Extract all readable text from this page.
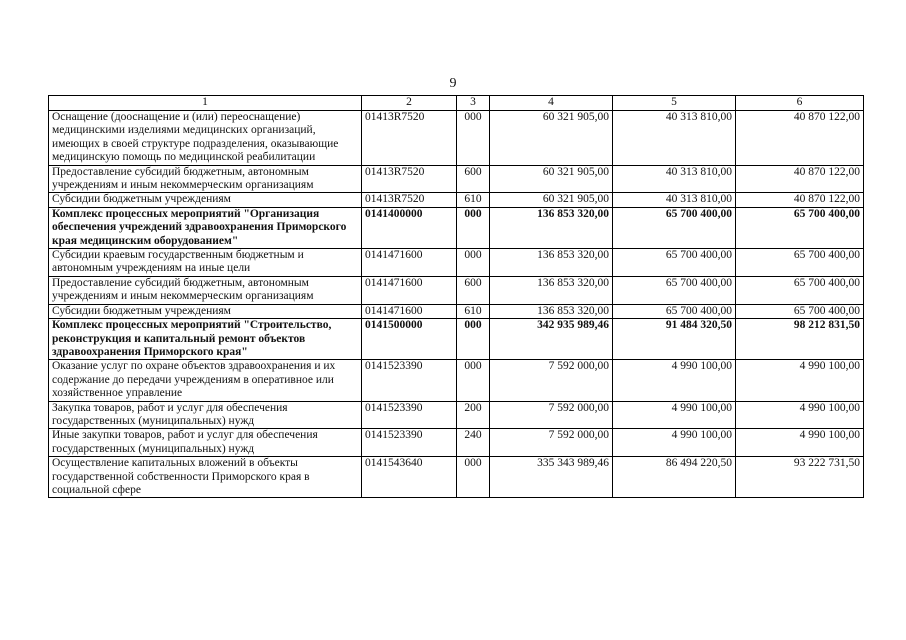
9
1	2	3	4	5	6
Оснащение (дооснащение и (или) переоснащение) медицинскими изделиями медицинских организаций, имеющих в своей структуре подразделения, оказывающие медицинскую помощь по медицинской реабилитации	01413R7520	000	60 321 905,00	40 313 810,00	40 870 122,00
Предоставление субсидий бюджетным, автономным учреждениям и иным некоммерческим организациям	01413R7520	600	60 321 905,00	40 313 810,00	40 870 122,00
Субсидии бюджетным учреждениям	01413R7520	610	60 321 905,00	40 313 810,00	40 870 122,00
Комплекс процессных мероприятий "Организация обеспечения учреждений здравоохранения Приморского края медицинским оборудованием"	0141400000	000	136 853 320,00	65 700 400,00	65 700 400,00
Субсидии краевым государственным бюджетным и автономным учреждениям на иные цели	0141471600	000	136 853 320,00	65 700 400,00	65 700 400,00
Предоставление субсидий бюджетным, автономным учреждениям и иным некоммерческим организациям	0141471600	600	136 853 320,00	65 700 400,00	65 700 400,00
Субсидии бюджетным учреждениям	0141471600	610	136 853 320,00	65 700 400,00	65 700 400,00
Комплекс процессных мероприятий "Строительство, реконструкция и капитальный ремонт объектов здравоохранения Приморского края"	0141500000	000	342 935 989,46	91 484 320,50	98 212 831,50
Оказание услуг по охране объектов здравоохранения и их содержание до передачи учреждениям в оперативное или хозяйственное управление	0141523390	000	7 592 000,00	4 990 100,00	4 990 100,00
Закупка товаров, работ и услуг для обеспечения государственных (муниципальных) нужд	0141523390	200	7 592 000,00	4 990 100,00	4 990 100,00
Иные закупки товаров, работ и услуг для обеспечения государственных (муниципальных) нужд	0141523390	240	7 592 000,00	4 990 100,00	4 990 100,00
Осуществление капитальных вложений в объекты государственной собственности Приморского края в социальной сфере	0141543640	000	335 343 989,46	86 494 220,50	93 222 731,50
